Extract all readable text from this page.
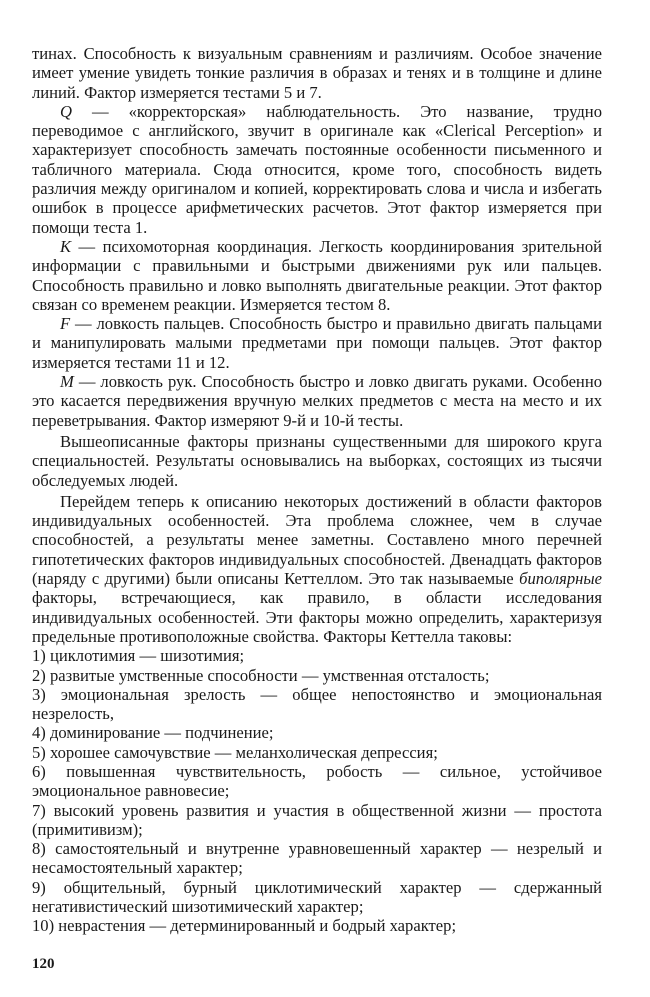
тинах. Способность к визуальным сравнениям и различиям. Особое значение имеет умение увидеть тонкие различия в образах и тенях и в толщине и длине линий. Фактор измеряется тестами 5 и 7.

Q — «корректорская» наблюдательность. Это название, трудно переводимое с английского, звучит в оригинале как «Clerical Perception» и характеризует способность замечать постоянные особенности письменного и табличного материала. Сюда относится, кроме того, способность видеть различия между оригиналом и копией, корректировать слова и числа и избегать ошибок в процессе арифметических расчетов. Этот фактор измеряется при помощи теста 1.

K — психомоторная координация. Легкость координирования зрительной информации с правильными и быстрыми движениями рук или пальцев. Способность правильно и ловко выполнять двигательные реакции. Этот фактор связан со временем реакции. Измеряется тестом 8.

F — ловкость пальцев. Способность быстро и правильно двигать пальцами и манипулировать малыми предметами при помощи пальцев. Этот фактор измеряется тестами 11 и 12.

M — ловкость рук. Способность быстро и ловко двигать руками. Особенно это касается передвижения вручную мелких предметов с места на место и их переветрывания. Фактор измеряют 9-й и 10-й тесты.

Вышеописанные факторы признаны существенными для широкого круга специальностей. Результаты основывались на выборках, состоящих из тысячи обследуемых людей.

Перейдем теперь к описанию некоторых достижений в области факторов индивидуальных особенностей. Эта проблема сложнее, чем в случае способностей, а результаты менее заметны. Составлено много перечней гипотетических факторов индивидуальных способностей. Двенадцать факторов (наряду с другими) были описаны Кеттеллом. Это так называемые биполярные факторы, встречающиеся, как правило, в области исследования индивидуальных особенностей. Эти факторы можно определить, характеризуя предельные противоположные свойства. Факторы Кеттелла таковы:

1) циклотимия — шизотимия;

2) развитые умственные способности — умственная отсталость;

3) эмоциональная зрелость — общее непостоянство и эмоциональная незрелость,

4) доминирование — подчинение;

5) хорошее самочувствие — меланхолическая депрессия;

6) повышенная чувствительность, робость — сильное, устойчивое эмоциональное равновесие;

7) высокий уровень развития и участия в общественной жизни — простота (примитивизм);

8) самостоятельный и внутренне уравновешенный характер — незрелый и несамостоятельный характер;

9) общительный, бурный циклотимический характер — сдержанный негативистический шизотимический характер;

10) неврастения — детерминированный и бодрый характер;

120
